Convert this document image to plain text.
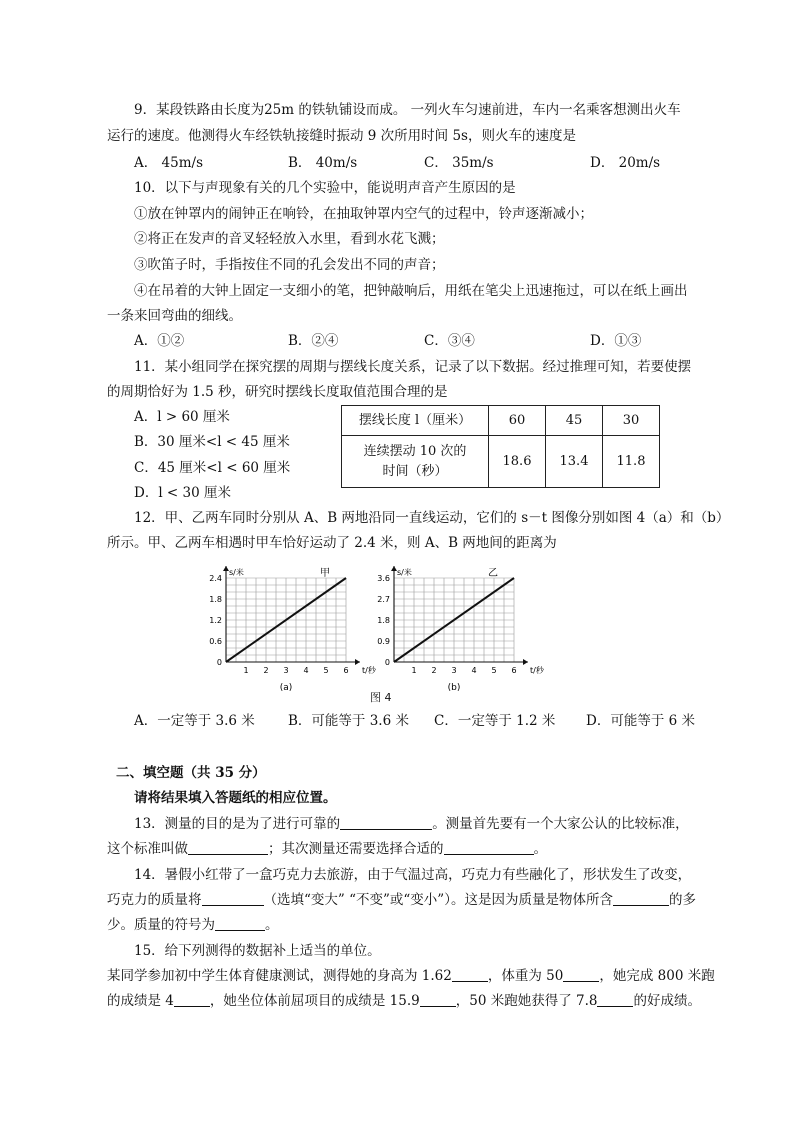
9．某段铁路由长度为25m 的铁轨铺设而成。 一列火车匀速前进，车内一名乘客想测出火车
运行的速度。他测得火车经铁轨接缝时振动 9 次所用时间 5s，则火车的速度是
A． 45m/s	B． 40m/s	C． 35m/s	D． 20m/s
10．以下与声现象有关的几个实验中，能说明声音产生原因的是
①放在钟罩内的闹钟正在响铃，在抽取钟罩内空气的过程中，铃声逐渐减小；
②将正在发声的音叉轻轻放入水里，看到水花飞溅；
③吹笛子时，手指按住不同的孔会发出不同的声音；
④在吊着的大钟上固定一支细小的笔，把钟敲响后，用纸在笔尖上迅速拖过，可以在纸上画出
一条来回弯曲的细线。
A．①②	B．②④	C．③④	D．①③
11．某小组同学在探究摆的周期与摆线长度关系，记录了以下数据。经过推理可知，若要使摆
的周期恰好为 1.5 秒，研究时摆线长度取值范围合理的是
A．l > 60 厘米
B．30 厘米<l < 45 厘米
C．45 厘米<l < 60 厘米
D．l < 30 厘米
摆线长度 l（厘米）	60	45	30

连续摆动 10 次的
时间（秒）	18.6	13.4	11.8
12．甲、乙两车同时分别从 A、B 两地沿同一直线运动，它们的 s－t 图像分别如图 4（a）和（b）
所示。甲、乙两车相遇时甲车恰好运动了 2.4 米，则 A、B 两地间的距离为
1 2 3 4 5 6
0
0.6
1.2
1.8
2.4
s/米
t/秒
甲
(a)
1 2 3 4 5 6
0
0.9
1.8
2.7
3.6
s/米
t/秒
乙
(b)
图 4
A．一定等于 3.6 米 B．可能等于 3.6 米 C．一定等于 1.2 米 D．可能等于 6 米
二、填空题（共 35 分）
请将结果填入答题纸的相应位置。
13．测量的目的是为了进行可靠的	。测量首先要有一个大家公认的比较标准，
这个标准叫做	；其次测量还需要选择合适的	。
14．暑假小红带了一盒巧克力去旅游，由于气温过高，巧克力有些融化了，形状发生了改变，
巧克力的质量将	（选填“变大” “不变”或“变小”）。这是因为质量是物体所含	的多
少。质量的符号为	。
15．给下列测得的数据补上适当的单位。
某同学参加初中学生体育健康测试，测得她的身高为 1.62	，体重为 50	，她完成 800 米跑
的成绩是 4	，她坐位体前屈项目的成绩是 15.9	，50 米跑她获得了 7.8	的好成绩。
